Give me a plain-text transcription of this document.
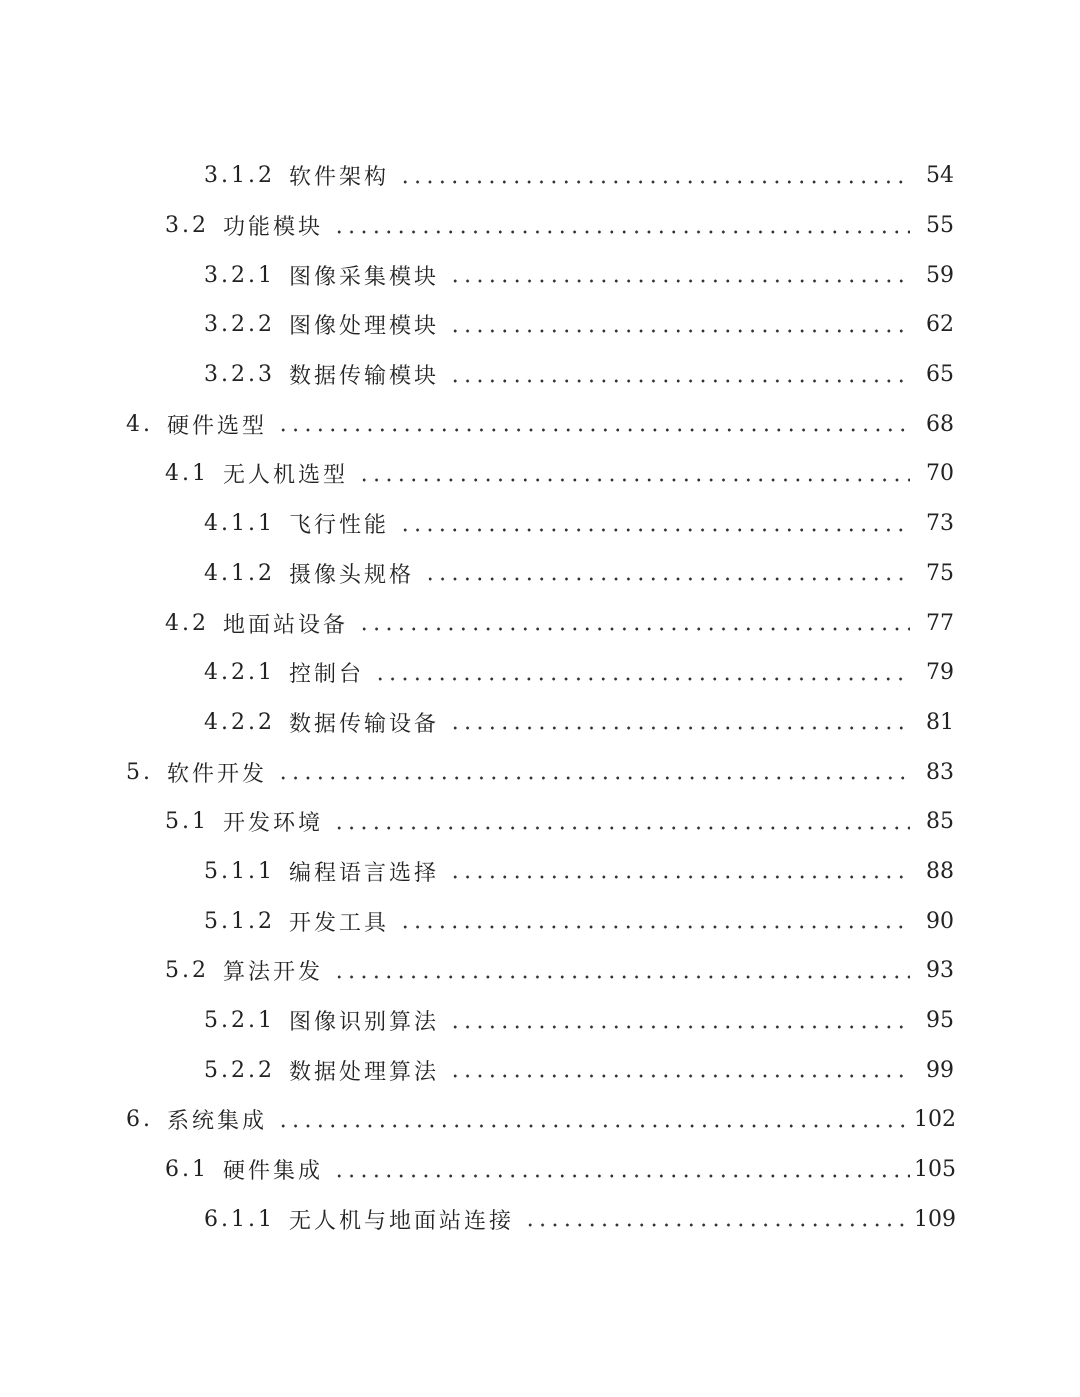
3.1.2 软件架构	54
3.2 功能模块	55
3.2.1 图像采集模块	59
3.2.2 图像处理模块	62
3.2.3 数据传输模块	65
4. 硬件选型	68
4.1 无人机选型	70
4.1.1 飞行性能	73
4.1.2 摄像头规格	75
4.2 地面站设备	77
4.2.1 控制台	79
4.2.2 数据传输设备	81
5. 软件开发	83
5.1 开发环境	85
5.1.1 编程语言选择	88
5.1.2 开发工具	90
5.2 算法开发	93
5.2.1 图像识别算法	95
5.2.2 数据处理算法	99
6. 系统集成	102
6.1 硬件集成	105
6.1.1 无人机与地面站连接	109
